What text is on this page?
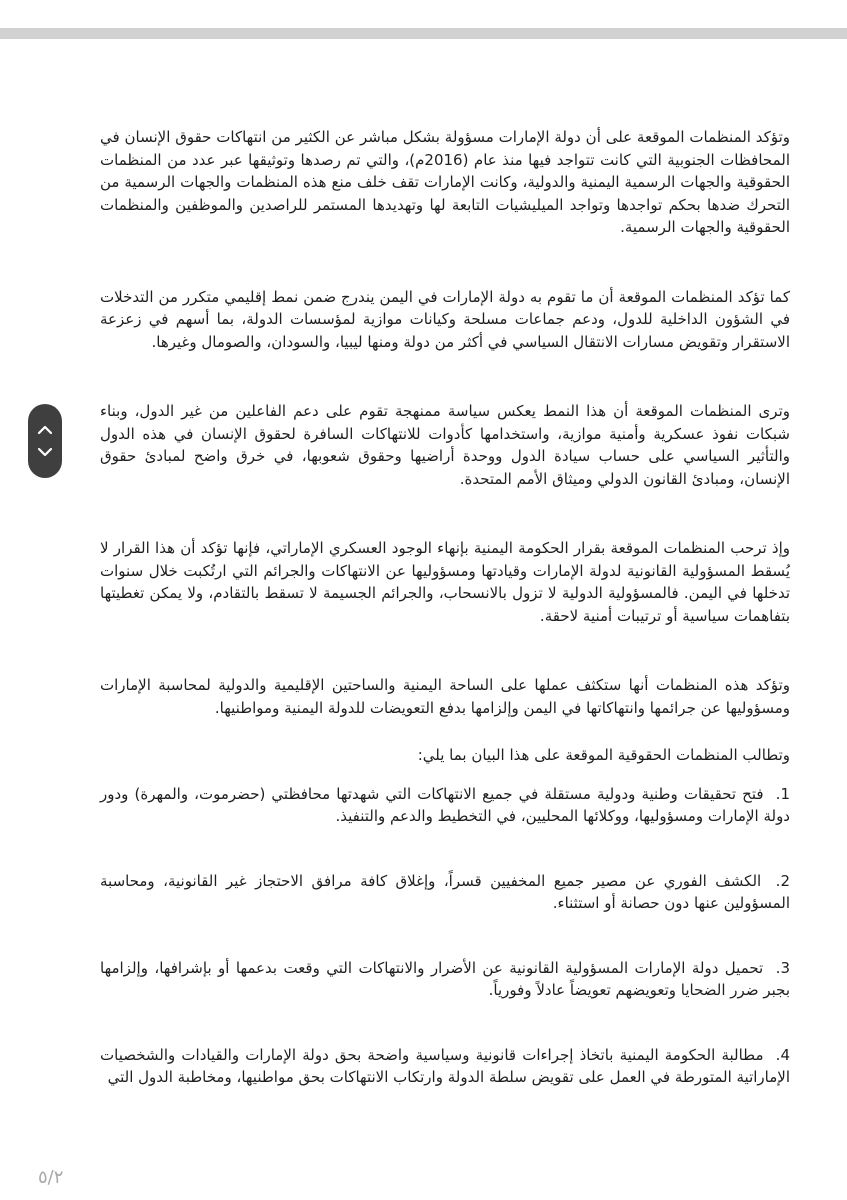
وتؤكد المنظمات الموقعة على أن دولة الإمارات مسؤولة بشكل مباشر عن الكثير من انتهاكات حقوق الإنسان في المحافظات الجنوبية التي كانت تتواجد فيها منذ عام (2016م)، والتي تم رصدها وتوثيقها عبر عدد من المنظمات الحقوقية والجهات الرسمية اليمنية والدولية، وكانت الإمارات تقف خلف منع هذه المنظمات والجهات الرسمية من التحرك ضدها بحكم تواجدها وتواجد الميليشيات التابعة لها وتهديدها المستمر للراصدين والموظفين والمنظمات الحقوقية والجهات الرسمية.

كما تؤكد المنظمات الموقعة أن ما تقوم به دولة الإمارات في اليمن يندرج ضمن نمط إقليمي متكرر من التدخلات في الشؤون الداخلية للدول، ودعم جماعات مسلحة وكيانات موازية لمؤسسات الدولة، بما أسهم في زعزعة الاستقرار وتقويض مسارات الانتقال السياسي في أكثر من دولة ومنها ليبيا، والسودان، والصومال وغيرها.

وترى المنظمات الموقعة أن هذا النمط يعكس سياسة ممنهجة تقوم على دعم الفاعلين من غير الدول، وبناء شبكات نفوذ عسكرية وأمنية موازية، واستخدامها كأدوات للانتهاكات السافرة لحقوق الإنسان في هذه الدول والتأثير السياسي على حساب سيادة الدول ووحدة أراضيها وحقوق شعوبها، في خرق واضح لمبادئ حقوق الإنسان، ومبادئ القانون الدولي وميثاق الأمم المتحدة.

وإذ ترحب المنظمات الموقعة بقرار الحكومة اليمنية بإنهاء الوجود العسكري الإماراتي، فإنها تؤكد أن هذا القرار لا يُسقط المسؤولية القانونية لدولة الإمارات وقيادتها ومسؤوليها عن الانتهاكات والجرائم التي ارتُكبت خلال سنوات تدخلها في اليمن. فالمسؤولية الدولية لا تزول بالانسحاب، والجرائم الجسيمة لا تسقط بالتقادم، ولا يمكن تغطيتها بتفاهمات سياسية أو ترتيبات أمنية لاحقة.

وتؤكد هذه المنظمات أنها ستكثف عملها على الساحة اليمنية والساحتين الإقليمية والدولية لمحاسبة الإمارات ومسؤوليها عن جرائمها وانتهاكاتها في اليمن وإلزامها بدفع التعويضات للدولة اليمنية ومواطنيها.

وتطالب المنظمات الحقوقية الموقعة على هذا البيان بما يلي:
1. فتح تحقيقات وطنية ودولية مستقلة في جميع الانتهاكات التي شهدتها محافظتي (حضرموت، والمهرة) ودور دولة الإمارات ومسؤوليها، ووكلائها المحليين، في التخطيط والدعم والتنفيذ.
2. الكشف الفوري عن مصير جميع المخفيين قسراً، وإغلاق كافة مرافق الاحتجاز غير القانونية، ومحاسبة المسؤولين عنها دون حصانة أو استثناء.
3. تحميل دولة الإمارات المسؤولية القانونية عن الأضرار والانتهاكات التي وقعت بدعمها أو بإشرافها، وإلزامها بجبر ضرر الضحايا وتعويضهم تعويضاً عادلاً وفورياً.
4. مطالبة الحكومة اليمنية باتخاذ إجراءات قانونية وسياسية واضحة بحق دولة الإمارات والقيادات والشخصيات الإماراتية المتورطة في العمل على تقويض سلطة الدولة وارتكاب الانتهاكات بحق مواطنيها، ومخاطبة الدول التي
٥/٢
